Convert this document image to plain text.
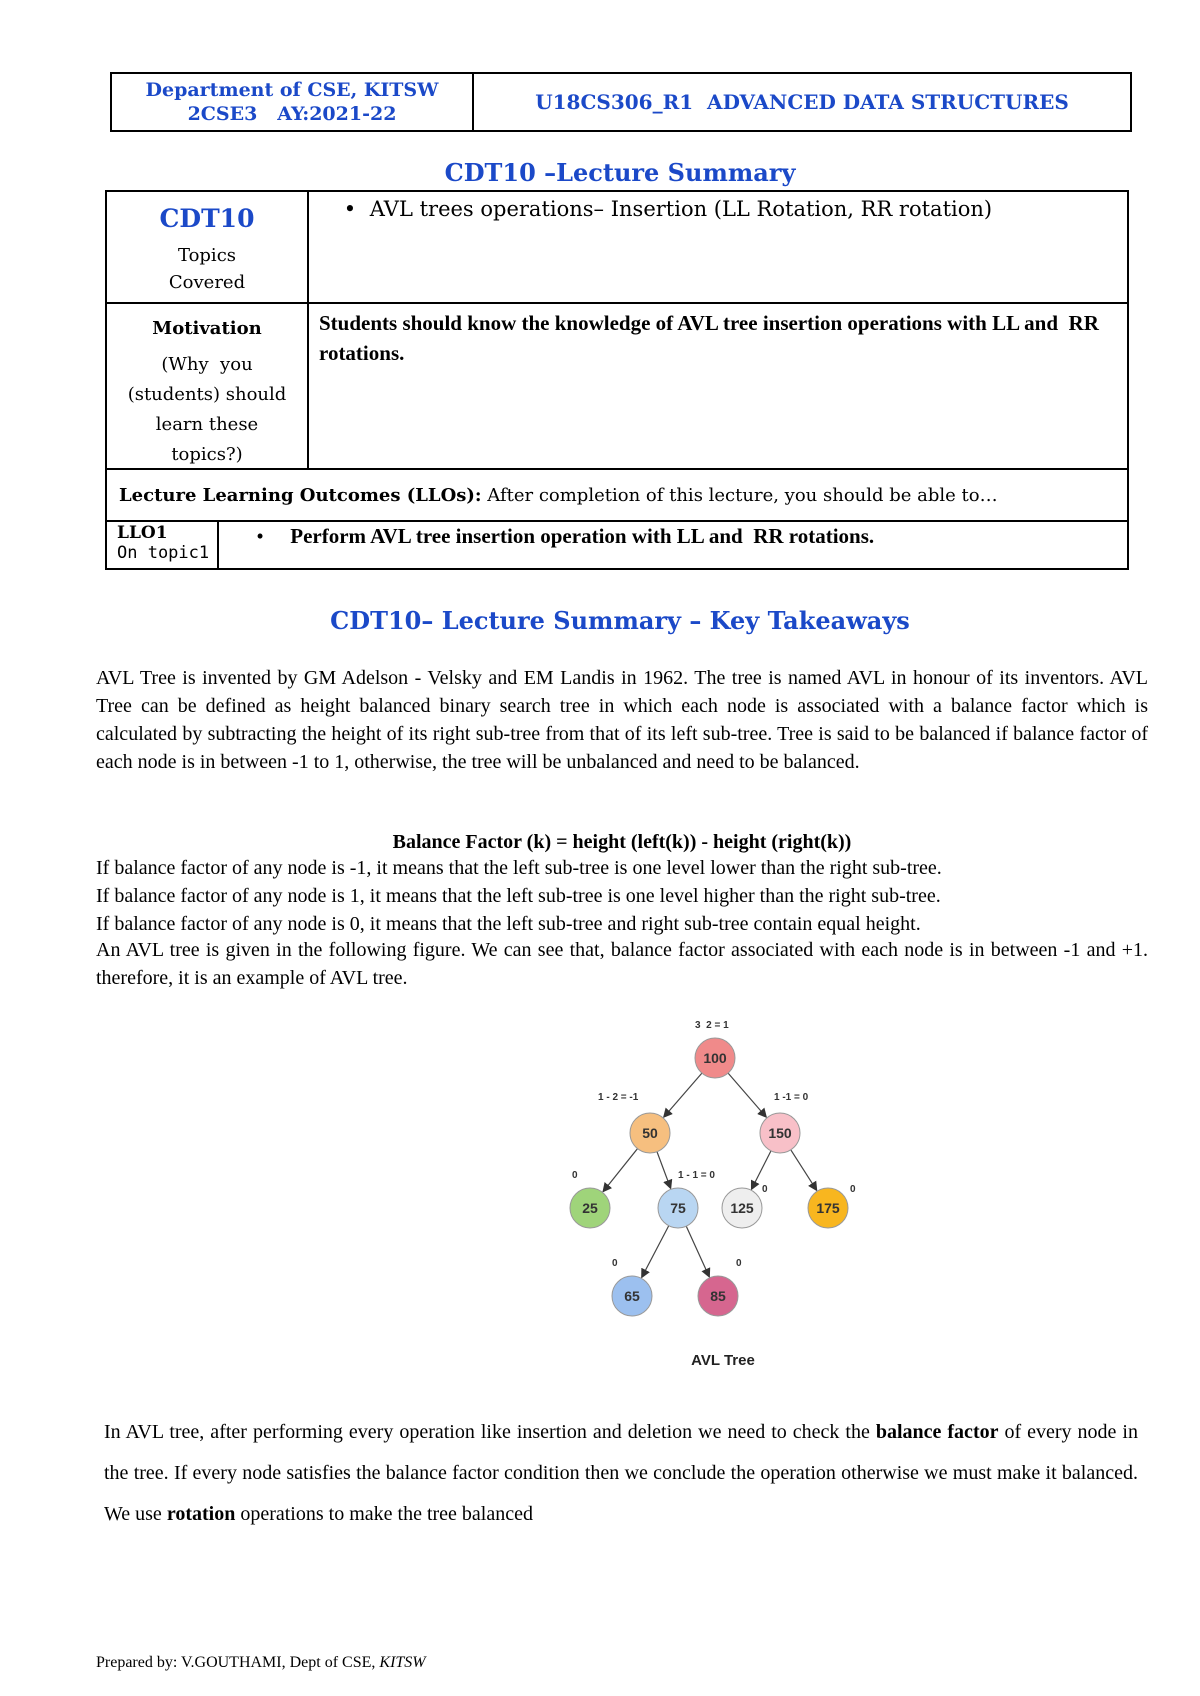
Department of CSE, KITSW
2CSE3   AY:2021-22	U18CS306_R1  ADVANCED DATA STRUCTURES
CDT10 –Lecture Summary
CDT10
Topics
Covered
• AVL trees operations– Insertion (LL Rotation, RR rotation)
Motivation
(Why  you
(students) should
learn these
topics?)
Students should know the knowledge of AVL tree insertion operations with LL and  RR rotations.
Lecture Learning Outcomes (LLOs): After completion of this lecture, you should be able to…
LLO1
On topic1
• Perform AVL tree insertion operation with LL and  RR rotations.
CDT10– Lecture Summary – Key Takeaways

AVL Tree is invented by GM Adelson - Velsky and EM Landis in 1962. The tree is named AVL in honour of its inventors. AVL Tree can be defined as height balanced binary search tree in which each node is associated with a balance factor which is calculated by subtracting the height of its right sub-tree from that of its left sub-tree. Tree is said to be balanced if balance factor of each node is in between -1 to 1, otherwise, the tree will be unbalanced and need to be balanced.

Balance Factor (k) = height (left(k)) - height (right(k))
If balance factor of any node is -1, it means that the left sub-tree is one level lower than the right sub-tree.
If balance factor of any node is 1, it means that the left sub-tree is one level higher than the right sub-tree.
If balance factor of any node is 0, it means that the left sub-tree and right sub-tree contain equal height.
An AVL tree is given in the following figure. We can see that, balance factor associated with each node is in between -1 and +1. therefore, it is an example of AVL tree.
100
3  2 = 1
50
1 - 2 = -1
150
1 -1 = 0
25
0
75
1 - 1 = 0
125
0
175
0
65
0
85
0
AVL Tree
In AVL tree, after performing every operation like insertion and deletion we need to check the balance factor of every node in the tree. If every node satisfies the balance factor condition then we conclude the operation otherwise we must make it balanced. We use rotation operations to make the tree balanced
Prepared by: V.GOUTHAMI, Dept of CSE, KITSW
